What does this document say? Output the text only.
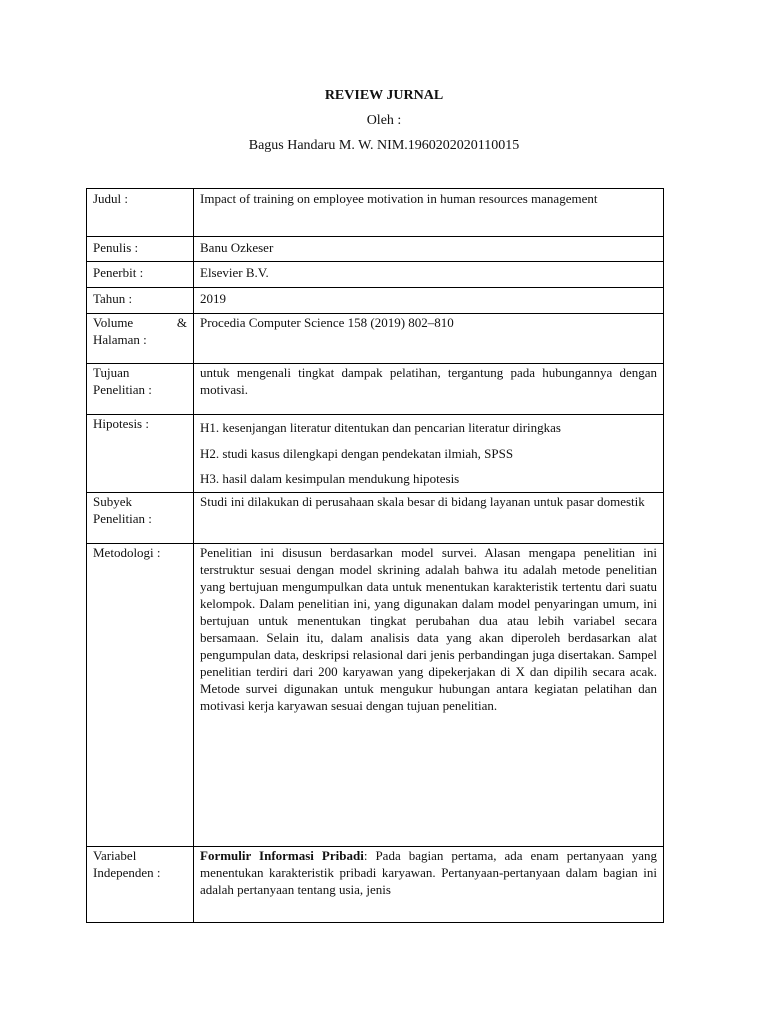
REVIEW JURNAL
Oleh :
Bagus Handaru M. W. NIM.1960202020110015
Judul :	Impact of training on employee motivation in human resources management
Penulis :	Banu Ozkeser
Penerbit :	Elsevier B.V.
Tahun :	2019

Volume &
Halaman :	Procedia Computer Science 158 (2019) 802–810

Tujuan
Penelitian :	untuk mengenali tingkat dampak pelatihan, tergantung pada hubungannya dengan motivasi.
Hipotesis :	H1. kesenjangan literatur ditentukan dan pencarian literatur diringkas
H2. studi kasus dilengkapi dengan pendekatan ilmiah, SPSS
H3. hasil dalam kesimpulan mendukung hipotesis

Subyek
Penelitian :	Studi ini dilakukan di perusahaan skala besar di bidang layanan untuk pasar domestik
Metodologi :	Penelitian ini disusun berdasarkan model survei. Alasan mengapa penelitian ini terstruktur sesuai dengan model skrining adalah bahwa itu adalah metode penelitian yang bertujuan mengumpulkan data untuk menentukan karakteristik tertentu dari suatu kelompok. Dalam penelitian ini, yang digunakan dalam model penyaringan umum, ini bertujuan untuk menentukan tingkat perubahan dua atau lebih variabel secara bersamaan. Selain itu, dalam analisis data yang akan diperoleh berdasarkan alat pengumpulan data, deskripsi relasional dari jenis perbandingan juga disertakan. Sampel penelitian terdiri dari 200 karyawan yang dipekerjakan di X dan dipilih secara acak. Metode survei digunakan untuk mengukur hubungan antara kegiatan pelatihan dan motivasi kerja karyawan sesuai dengan tujuan penelitian.

Variabel
Independen :	Formulir Informasi Pribadi: Pada bagian pertama, ada enam pertanyaan yang menentukan karakteristik pribadi karyawan. Pertanyaan-pertanyaan dalam bagian ini adalah pertanyaan tentang usia, jenis
